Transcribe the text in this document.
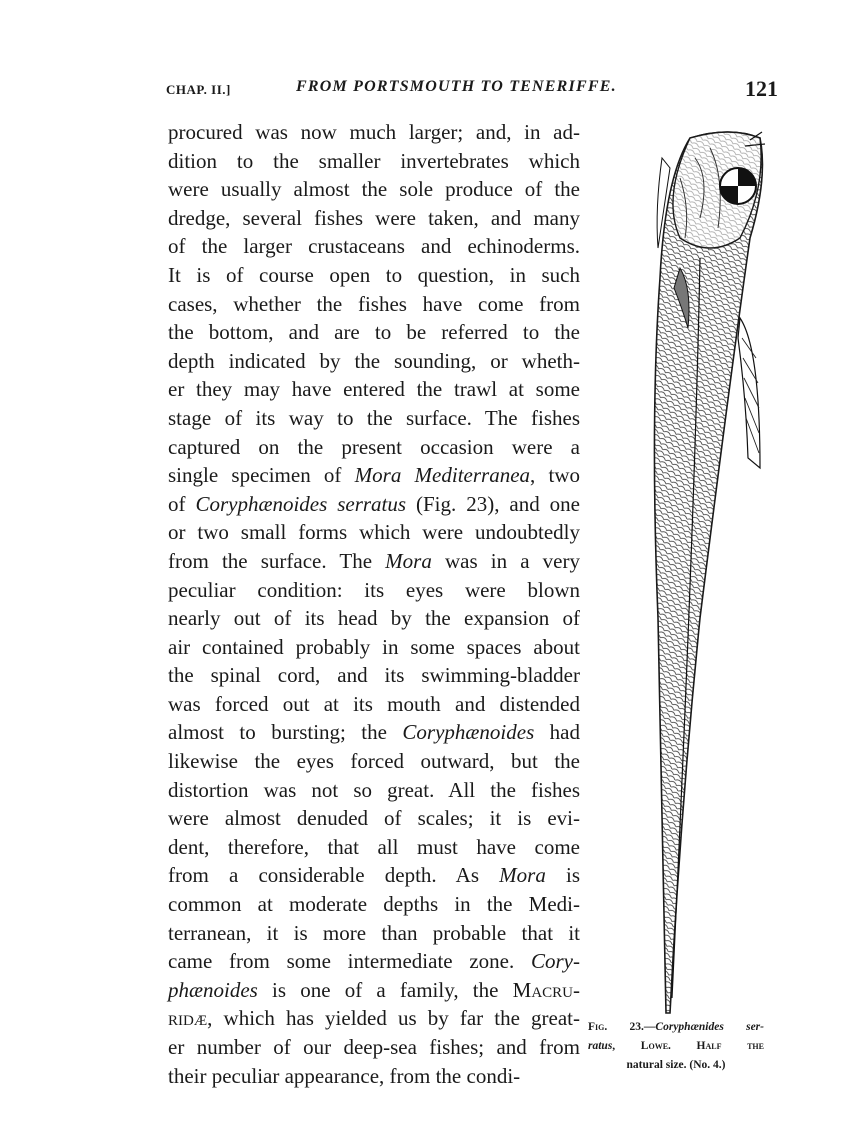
CHAP. II.]	FROM PORTSMOUTH TO TENERIFFE.	121
procured was now much larger; and, in ad-
dition to the smaller invertebrates which
were usually almost the sole produce of the
dredge, several fishes were taken, and many
of the larger crustaceans and echinoderms.
It is of course open to question, in such
cases, whether the fishes have come from
the bottom, and are to be referred to the
depth indicated by the sounding, or wheth-
er they may have entered the trawl at some
stage of its way to the surface. The fishes
captured on the present occasion were a
single specimen of Mora Mediterranea, two
of Coryphænoides serratus (Fig. 23), and one
or two small forms which were undoubtedly
from the surface. The Mora was in a very
peculiar condition: its eyes were blown
nearly out of its head by the expansion of
air contained probably in some spaces about
the spinal cord, and its swimming-bladder
was forced out at its mouth and distended
almost to bursting; the Coryphænoides had
likewise the eyes forced outward, but the
distortion was not so great. All the fishes
were almost denuded of scales; it is evi-
dent, therefore, that all must have come
from a considerable depth. As Mora is
common at moderate depths in the Medi-
terranean, it is more than probable that it
came from some intermediate zone. Cory-
phænoides is one of a family, the Macru-
ridæ, which has yielded us by far the great-
er number of our deep-sea fishes; and from
their peculiar appearance, from the condi-
Fig. 23.—Coryphænides ser-
ratus, Lowe. Half the
natural size. (No. 4.)
